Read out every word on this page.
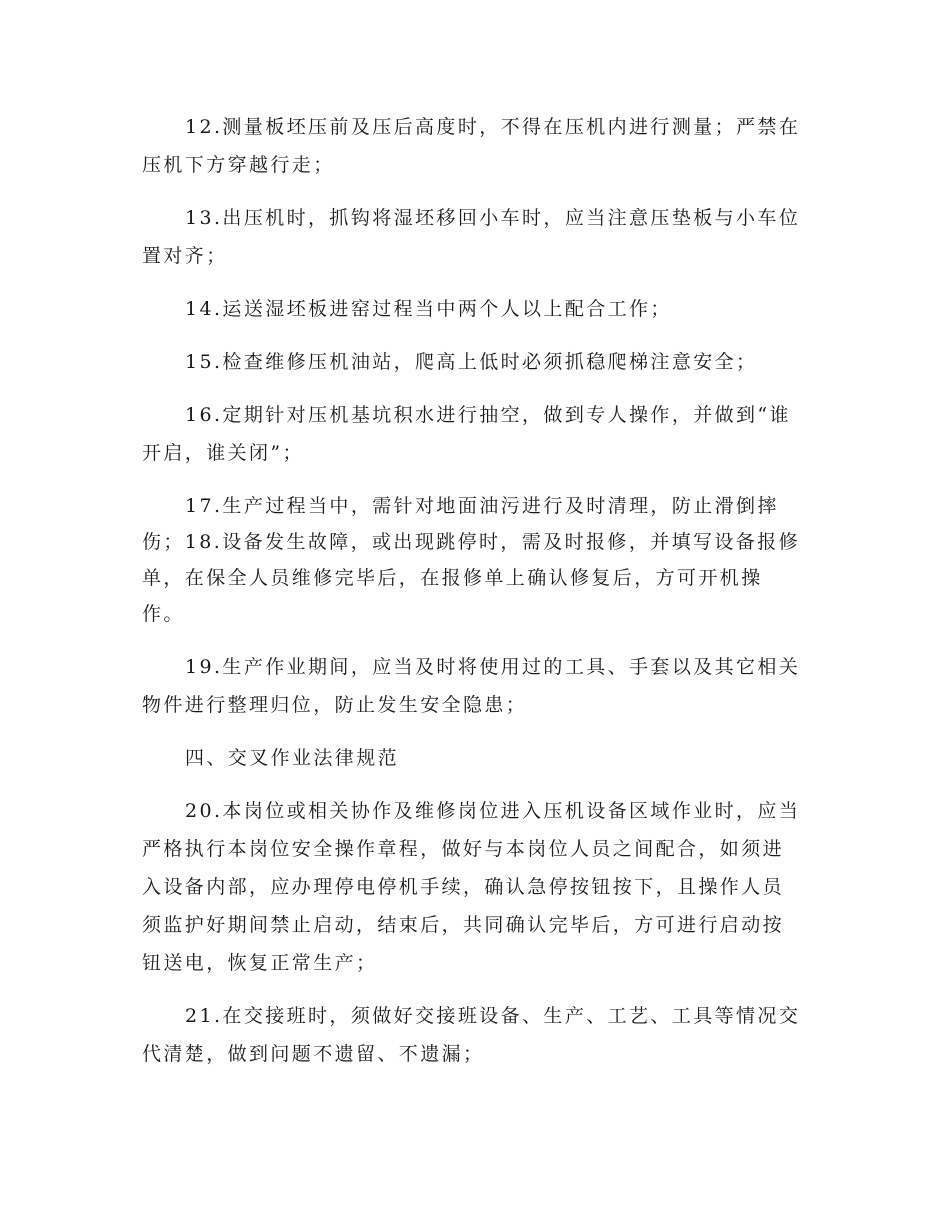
12.测量板坯压前及压后高度时，不得在压机内进行测量；严禁在
压机下方穿越行走；
13.出压机时，抓钩将湿坯移回小车时，应当注意压垫板与小车位
置对齐；
14.运送湿坯板进窑过程当中两个人以上配合工作；
15.检查维修压机油站，爬高上低时必须抓稳爬梯注意安全；
16.定期针对压机基坑积水进行抽空，做到专人操作，并做到“谁
开启，谁关闭”；
17.生产过程当中，需针对地面油污进行及时清理，防止滑倒摔
伤；18.设备发生故障，或出现跳停时，需及时报修，并填写设备报修
单，在保全人员维修完毕后，在报修单上确认修复后，方可开机操
作。
19.生产作业期间，应当及时将使用过的工具、手套以及其它相关
物件进行整理归位，防止发生安全隐患；
四、交叉作业法律规范
20.本岗位或相关协作及维修岗位进入压机设备区域作业时，应当
严格执行本岗位安全操作章程，做好与本岗位人员之间配合，如须进
入设备内部，应办理停电停机手续，确认急停按钮按下，且操作人员
须监护好期间禁止启动，结束后，共同确认完毕后，方可进行启动按
钮送电，恢复正常生产；
21.在交接班时，须做好交接班设备、生产、工艺、工具等情况交
代清楚，做到问题不遗留、不遗漏；
